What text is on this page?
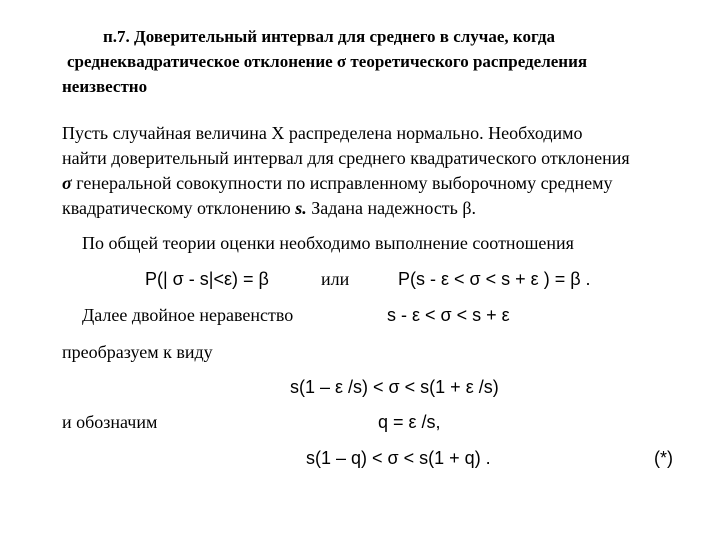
п.7. Доверительный интервал для среднего в случае, когда
среднеквадратическое отклонение σ теоретического распределения
неизвестно
Пусть случайная величина X распределена нормально. Необходимо
найти доверительный интервал для среднего квадратического отклонения
σ генеральной совокупности по исправленному выборочному среднему
квадратическому отклонению s. Задана надежность β.
По общей теории оценки необходимо выполнение соотношения
P(| σ - s|<ε) = β	или	P(s - ε < σ < s + ε ) = β .
Далее двойное неравенство	s - ε < σ < s + ε
преобразуем к виду
s(1 – ε /s) < σ < s(1 + ε /s)
и обозначим	q = ε /s,
s(1 – q) < σ < s(1 + q) .	(*)
